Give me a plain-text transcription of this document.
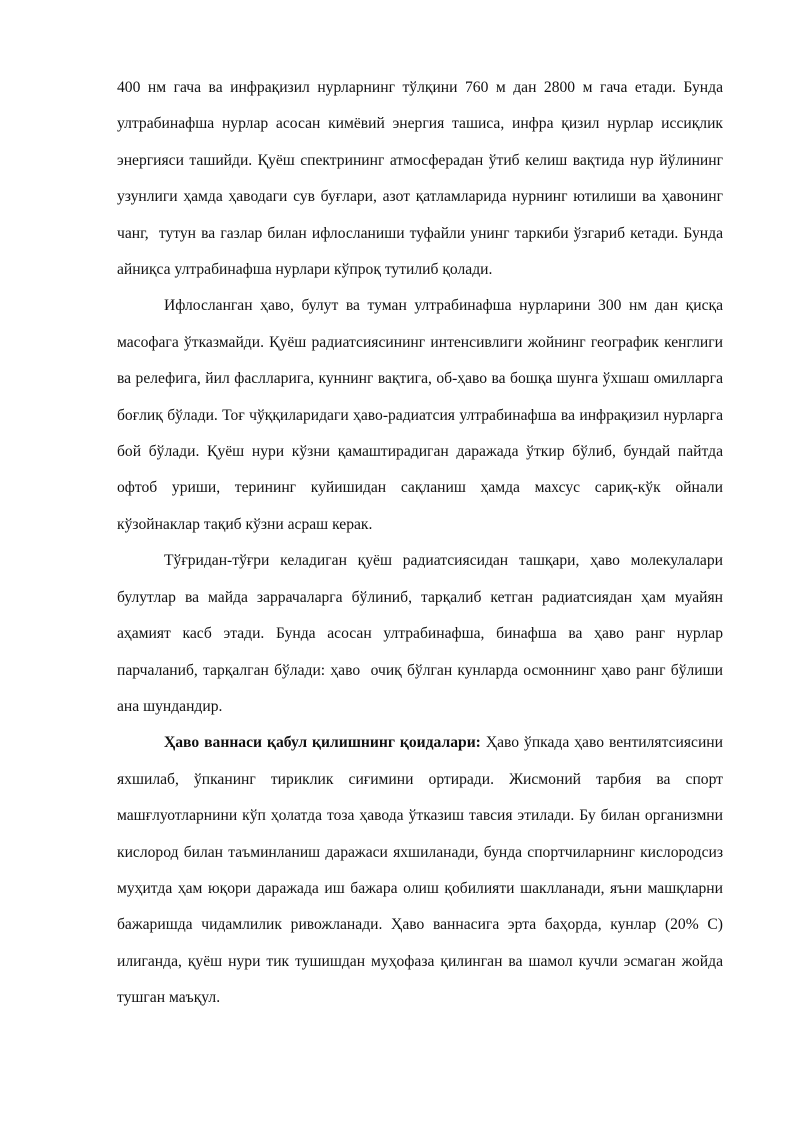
400 нм гача ва инфрақизил нурларнинг тўлқини 760 м дан 2800 м гача етади. Бунда ултрабинафша нурлар асосан кимёвий энергия ташиса, инфра қизил нурлар иссиқлик энергияси ташийди. Қуёш спектрининг атмосферадан ўтиб келиш вақтида нур йўлининг узунлиги ҳамда ҳаводаги сув буғлари, азот қатламларида нурнинг ютилиши ва ҳавонинг чанг,  тутун ва газлар билан ифлосланиши туфайли унинг таркиби ўзгариб кетади. Бунда айниқса ултрабинафша нурлари кўпроқ тутилиб қолади.

Ифлосланган ҳаво, булут ва туман ултрабинафша нурларини 300 нм дан қисқа масофага ўтказмайди. Қуёш радиатсиясининг интенсивлиги жойнинг географик кенглиги ва релефига, йил фаслларига, куннинг вақтига, об-ҳаво ва бошқа шунга ўхшаш омилларга боғлиқ бўлади. Тоғ чўққиларидаги ҳаво-радиатсия ултрабинафша ва инфрақизил нурларга бой бўлади. Қуёш нури кўзни қамаштирадиган даражада ўткир бўлиб, бундай пайтда офтоб уриши, терининг куйишидан сақланиш ҳамда махсус сариқ-кўк ойнали кўзойнаклар тақиб кўзни асраш керак.

Тўғридан-тўғри келадиган қуёш радиатсиясидан ташқари, ҳаво молекулалари булутлар ва майда заррачаларга бўлиниб, тарқалиб кетган радиатсиядан ҳам муайян аҳамият касб этади. Бунда асосан ултрабинафша, бинафша ва ҳаво ранг нурлар парчаланиб, тарқалган бўлади: ҳаво  очиқ бўлган кунларда осмоннинг ҳаво ранг бўлиши ана шундандир.

Ҳаво ваннаси қабул қилишнинг қоидалари: Ҳаво ўпкада ҳаво вентилятсиясини яхшилаб, ўпканинг тириклик сиғимини ортиради. Жисмоний тарбия ва спорт машғлуотларнини кўп ҳолатда тоза ҳавода ўтказиш тавсия этилади. Бу билан организмни кислород билан таъминланиш даражаси яхшиланади, бунда спортчиларнинг кислородсиз муҳитда ҳам юқори даражада иш бажара олиш қобилияти шаклланади, яъни машқларни бажаришда чидамлилик ривожланади. Ҳаво ваннасига эрта баҳорда, кунлар (20% С) илиганда, қуёш нури тик тушишдан муҳофаза қилинган ва шамол кучли эсмаган жойда тушган маъқул.
